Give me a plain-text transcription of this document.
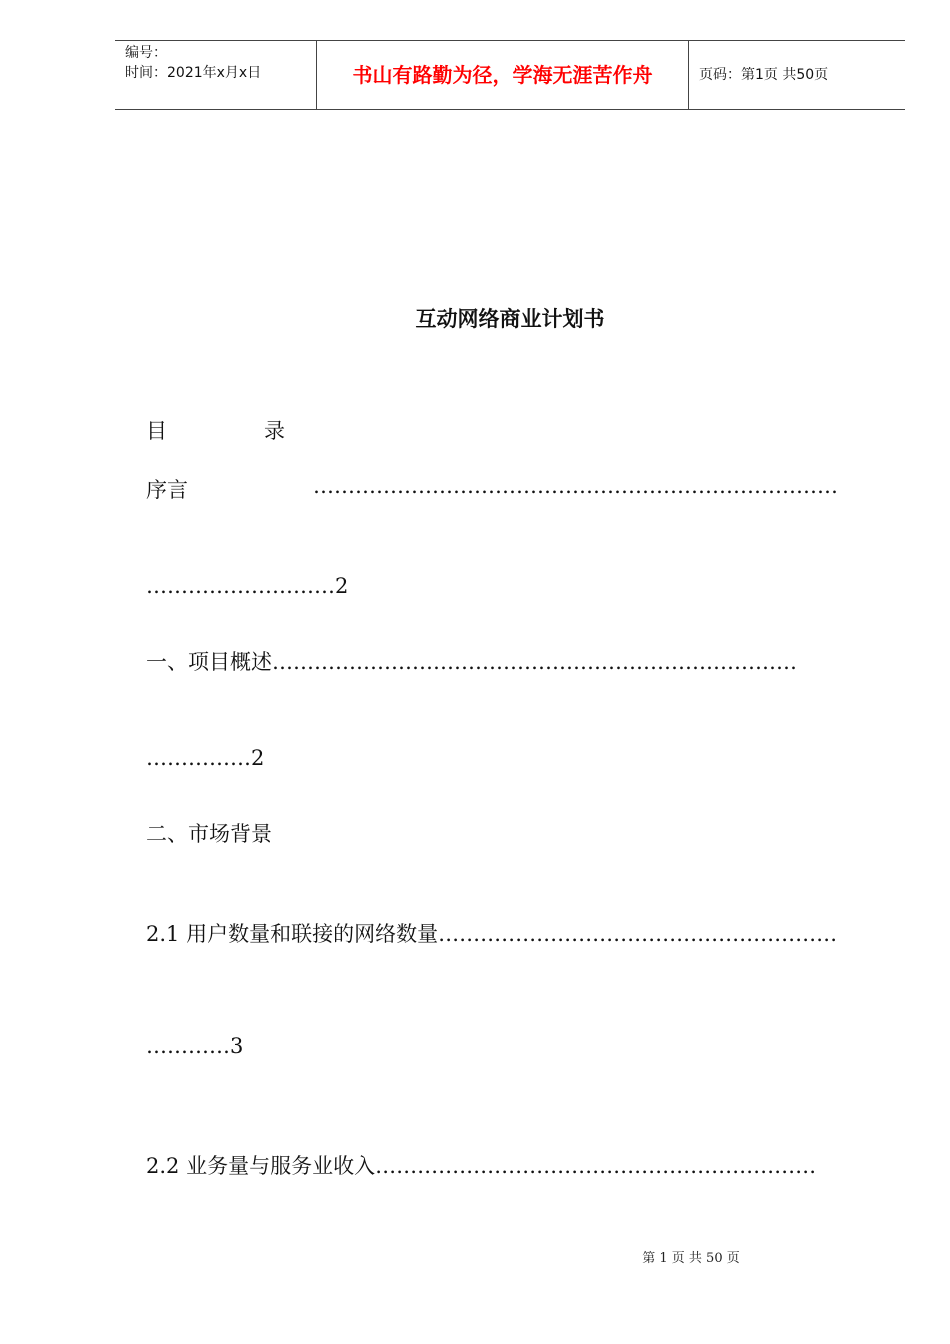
编号：
时间：2021年x月x日	书山有路勤为径，学海无涯苦作舟	页码：第1页 共50页
互动网络商业计划书
目	录
序言	…………………………………………………………………
………………………2
一、项目概述…………………………………………………………………
……………2
二、市场背景
2.1 用户数量和联接的网络数量…………………………………………………
…………3
2.2 业务量与服务业收入………………………………………………………
第 1 页 共 50 页
